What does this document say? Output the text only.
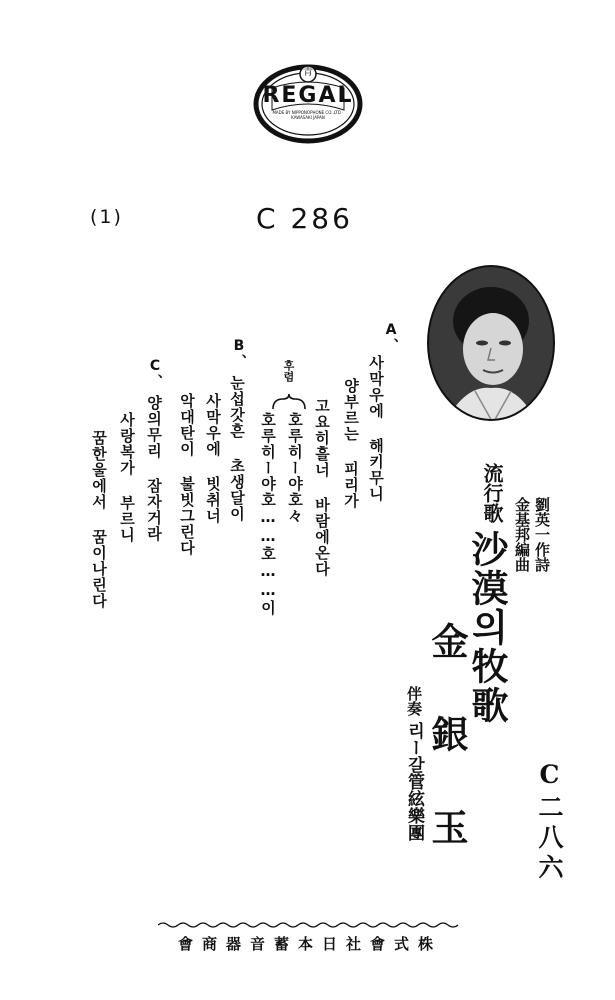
青
REGAL
MADE BY NIPPONOPHONE CO.,LTD · KAWASAKI JAPAN
(1)	C 286
流行歌
劉英一作詩
金基邦編曲
沙漠의牧歌
金 銀 玉
伴奏
리ー갈管絃樂團	C二八六
A、
사막우에 해키무니
양부르는 피리가
고요히흘너 바람에온다
후렴
호루히ー야호々
호루히ー야호……호……이
B、
눈섭갓흔 초생달이
사막우에 빗취너
악대탄이 불빗그린다
C、
양의무리 잠자거라
사랑복가 부르니
꿈한울에서 꿈이나린다
株式會社日本蓄音器商會
